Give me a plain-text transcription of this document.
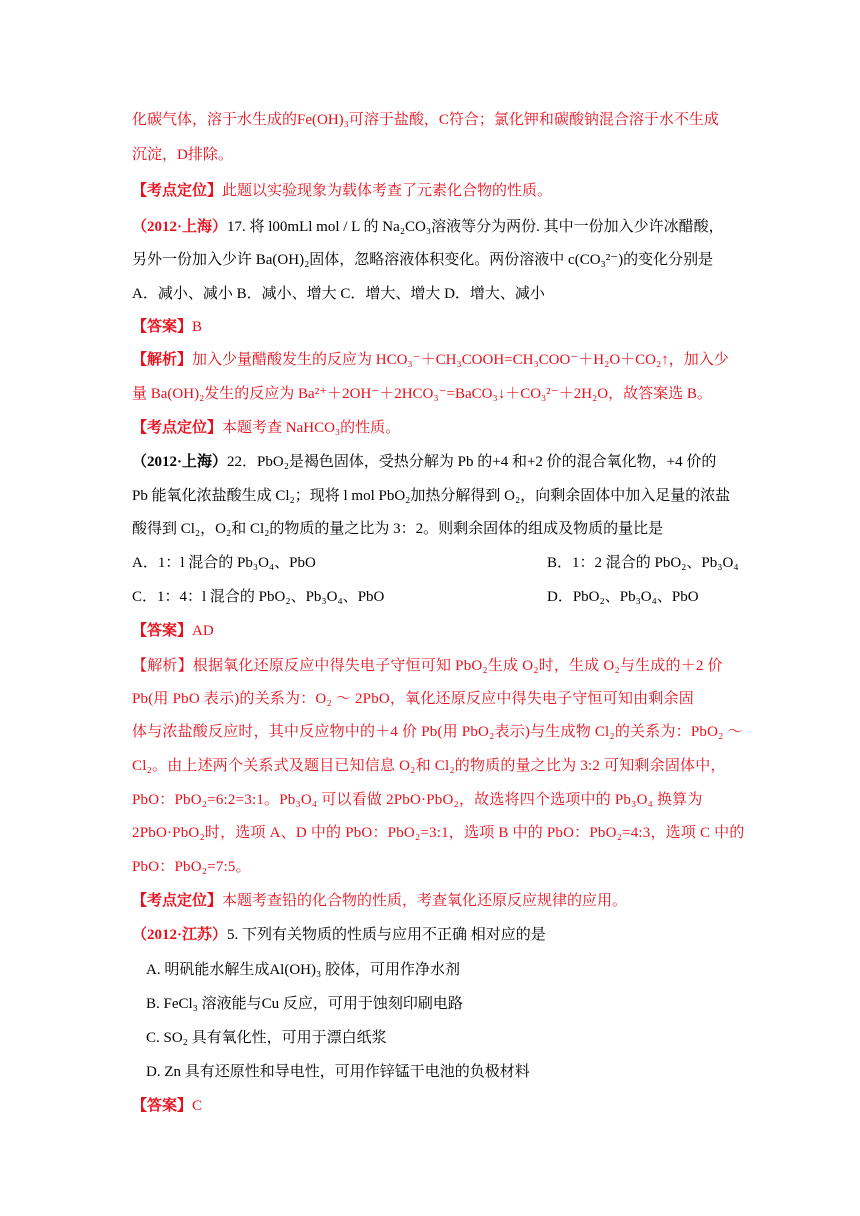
化碳气体，溶于水生成的Fe(OH)₃可溶于盐酸，C符合；氯化钾和碳酸钠混合溶于水不生成
沉淀，D排除。
【考点定位】此题以实验现象为载体考查了元素化合物的性质。
（2012·上海）17. 将 l00mLl mol / L 的 Na₂CO₃溶液等分为两份. 其中一份加入少许冰醋酸，
另外一份加入少许 Ba(OH)₂固体，忽略溶液体积变化。两份溶液中 c(CO₃²⁻)的变化分别是
A．减小、减小 B．减小、增大 C．增大、增大 D．增大、减小
【答案】B
【解析】加入少量醋酸发生的反应为 HCO₃⁻＋CH₃COOH=CH₃COO⁻＋H₂O＋CO₂↑，加入少
量 Ba(OH)₂发生的反应为 Ba²⁺＋2OH⁻＋2HCO₃⁻=BaCO₃↓＋CO₃²⁻＋2H₂O，故答案选 B。
【考点定位】本题考查 NaHCO₃的性质。
（2012·上海）22．PbO₂是褐色固体，受热分解为 Pb 的+4 和+2 价的混合氧化物，+4 价的
Pb 能氧化浓盐酸生成 Cl₂；现将 l mol PbO₂加热分解得到 O₂，向剩余固体中加入足量的浓盐
酸得到 Cl₂，O₂和 Cl₂的物质的量之比为 3：2。则剩余固体的组成及物质的量比是
A．1：l 混合的 Pb₃O₄、PbO	B．1：2 混合的 PbO₂、Pb₃O₄
C．1：4：l 混合的 PbO₂、Pb₃O₄、PbO	D．PbO₂、Pb₃O₄、PbO
【答案】AD
【解析】根据氧化还原反应中得失电子守恒可知 PbO₂生成 O₂时，生成 O₂与生成的＋2 价
Pb(用 PbO 表示)的关系为：O₂ ～ 2PbO，氧化还原反应中得失电子守恒可知由剩余固
体与浓盐酸反应时，其中反应物中的＋4 价 Pb(用 PbO₂表示)与生成物 Cl₂的关系为：PbO₂ ～
Cl₂。由上述两个关系式及题目已知信息 O₂和 Cl₂的物质的量之比为 3:2 可知剩余固体中，
PbO：PbO₂=6:2=3:1。Pb₃O₄ 可以看做 2PbO·PbO₂，故选将四个选项中的 Pb₃O₄ 换算为
2PbO·PbO₂时，选项 A、D 中的 PbO：PbO₂=3:1，选项 B 中的 PbO：PbO₂=4:3，选项 C 中的
PbO：PbO₂=7:5。
【考点定位】本题考查铅的化合物的性质，考查氧化还原反应规律的应用。
（2012·江苏）5. 下列有关物质的性质与应用不正确 相对应的是
A. 明矾能水解生成Al(OH)₃ 胶体，可用作净水剂
B. FeCl₃ 溶液能与Cu 反应，可用于蚀刻印刷电路
C. SO₂ 具有氧化性，可用于漂白纸浆
D. Zn 具有还原性和导电性，可用作锌锰干电池的负极材料
【答案】C
